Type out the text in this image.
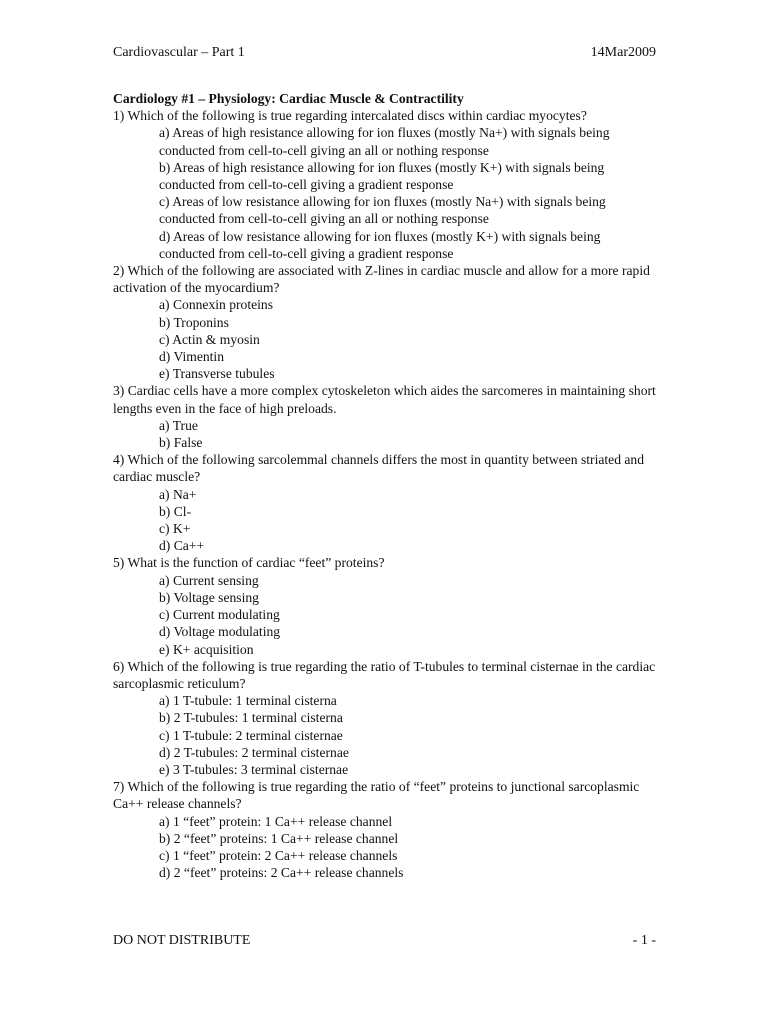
Cardiovascular – Part 1	14Mar2009

Cardiology #1 – Physiology: Cardiac Muscle & Contractility

1) Which of the following is true regarding intercalated discs within cardiac myocytes?

a) Areas of high resistance allowing for ion fluxes (mostly Na+) with signals being conducted from cell-to-cell giving an all or nothing response

b) Areas of high resistance allowing for ion fluxes (mostly K+) with signals being conducted from cell-to-cell giving a gradient response

c) Areas of low resistance allowing for ion fluxes (mostly Na+) with signals being conducted from cell-to-cell giving an all or nothing response

d) Areas of low resistance allowing for ion fluxes (mostly K+) with signals being conducted from cell-to-cell giving a gradient response

2) Which of the following are associated with Z-lines in cardiac muscle and allow for a more rapid activation of the myocardium?

a) Connexin proteins

b) Troponins

c) Actin & myosin

d) Vimentin

e) Transverse tubules

3) Cardiac cells have a more complex cytoskeleton which aides the sarcomeres in maintaining short lengths even in the face of high preloads.

a) True

b) False

4) Which of the following sarcolemmal channels differs the most in quantity between striated and cardiac muscle?

a) Na+

b) Cl-

c) K+

d) Ca++

5) What is the function of cardiac “feet” proteins?

a) Current sensing

b) Voltage sensing

c) Current modulating

d) Voltage modulating

e) K+ acquisition

6) Which of the following is true regarding the ratio of T-tubules to terminal cisternae in the cardiac sarcoplasmic reticulum?

a) 1 T-tubule: 1 terminal cisterna

b) 2 T-tubules: 1 terminal cisterna

c) 1 T-tubule: 2 terminal cisternae

d) 2 T-tubules: 2 terminal cisternae

e) 3 T-tubules: 3 terminal cisternae

7) Which of the following is true regarding the ratio of “feet” proteins to junctional sarcoplasmic Ca++ release channels?

a) 1 “feet” protein: 1 Ca++ release channel

b) 2 “feet” proteins: 1 Ca++ release channel

c) 1 “feet” protein: 2 Ca++ release channels

d) 2 “feet” proteins: 2 Ca++ release channels

DO NOT DISTRIBUTE	- 1 -
